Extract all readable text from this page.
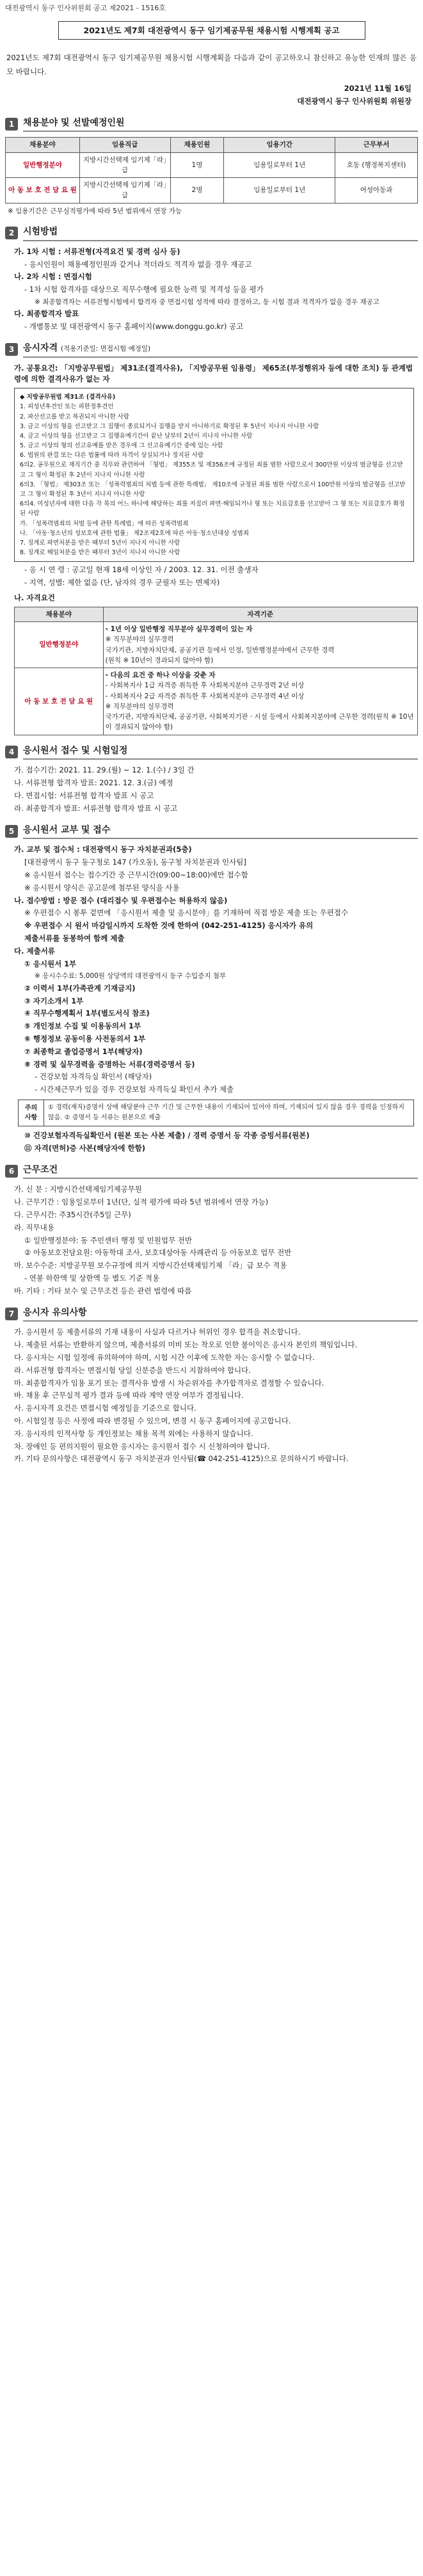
대전광역시 동구 인사위원회 공고 제2021 - 1516호
2021년도 제7회 대전광역시 동구 임기제공무원 채용시험 시행계획 공고
2021년도 제7회 대전광역시 동구 임기제공무원 채용시험 시행계획을 다음과 같이 공고하오니 참신하고 유능한 인재의 많은 응모 바랍니다.
2021년 11월 16일
대전광역시 동구 인사위원회 위원장
1 채용분야 및 선발예정인원
채용분야	임용직급	채용인원	임용기간	근무부서
일반행정분야	지방시간선택제 임기제「라」급	1명	임용일로부터 1년	호동 (행정복지센터)
아 동 보 호 전 담 요 원	지방시간선택제 임기제「라」급	2명	임용일로부터 1년	여성아동과
※ 임용기간은 근무실적평가에 따라 5년 범위에서 연장 가능
2 시험방법
가. 1차 시험 : 서류전형(자격요건 및 경력 심사 등)
- 응시인원이 채용예정인원과 같거나 적더라도 적격자 없을 경우 재공고
나. 2차 시험 : 면접시험
- 1차 시험 합격자를 대상으로 직무수행에 필요한 능력 및 적격성 등을 평가
※ 최종합격자는 서류전형시험에서 합격자 중 면접시험 성적에 따라 결정하고, 동 시험 결과 적격자가 없을 경우 재공고
다. 최종합격자 발표
- 개별통보 및 대전광역시 동구 홈페이지(www.donggu.go.kr) 공고
3 응시자격 (적용기준일: 면접시험 예정일)
가. 공통요건: 「지방공무원법」 제31조(결격사유), 「지방공무원 임용령」 제65조(부정행위자 등에 대한 조치) 등 관계법령에 의한 결격사유가 없는 자
◆ 지방공무원법 제31조 (결격사유)
1. 피성년후견인 또는 피한정후견인
2. 파산선고를 받고 복권되지 아니한 사람
3. 금고 이상의 형을 선고받고 그 집행이 종료되거나 집행을 받지 아니하기로 확정된 후 5년이 지나지 아니한 사람
4. 금고 이상의 형을 선고받고 그 집행유예기간이 끝난 날부터 2년이 지나지 아니한 사람
5. 금고 이상의 형의 선고유예를 받은 경우에 그 선고유예기간 중에 있는 사람
6. 법원의 판결 또는 다른 법률에 따라 자격이 상실되거나 정지된 사람
6의2. 공무원으로 재직기간 중 직무와 관련하여 「형법」 제355조 및 제356조에 규정된 죄를 범한 사람으로서 300만원 이상의 벌금형을 선고받고 그 형이 확정된 후 2년이 지나지 아니한 사람
6의3. 「형법」 제303조 또는 「성폭력범죄의 처벌 등에 관한 특례법」 제10조에 규정된 죄를 범한 사람으로서 100만원 이상의 벌금형을 선고받고 그 형이 확정된 후 3년이 지나지 아니한 사람
6의4. 미성년자에 대한 다음 각 목의 어느 하나에 해당하는 죄를 저질러 파면·해임되거나 형 또는 치료감호를 선고받아 그 형 또는 치료감호가 확정된 사람
가. 「성폭력범죄의 처벌 등에 관한 특례법」에 따른 성폭력범죄
나. 「아동·청소년의 성보호에 관한 법률」 제2조제2호에 따른 아동·청소년대상 성범죄
7. 징계로 파면처분을 받은 때부터 5년이 지나지 아니한 사람
8. 징계로 해임처분을 받은 때부터 3년이 지나지 아니한 사람
- 응 시 연 령 : 공고일 현재 18세 이상인 자 / 2003. 12. 31. 이전 출생자
- 지역, 성별: 제한 없음 (단, 남자의 경우 군필자 또는 면제자)
나. 자격요건
채용분야	자격기준
일반행정분야	- 1년 이상 일반행정 직무분야 실무경력이 있는 자
※ 직무분야의 실무경력
국가기관, 지방자치단체, 공공기관 등에서 인정, 일반행정분야에서 근무한 경력
(원칙 ※ 10년이 경과되지 않아야 함)

아 동 보 호 전 담 요 원	- 다음의 요건 중 하나 이상을 갖춘 자
- 사회복지사 1급 자격증 취득한 후 사회복지분야 근무경력 2년 이상
- 사회복지사 2급 자격증 취득한 후 사회복지분야 근무경력 4년 이상
※ 직무분야의 실무경력
국가기관, 지방자치단체, 공공기관, 사회복지기관 · 시설 등에서 사회복지분야에 근무한 경력(원칙 ※ 10년이 경과되지 않아야 함)
4 응시원서 접수 및 시험일정
가. 접수기간: 2021. 11. 29.(월) ~ 12. 1.(수) / 3일 간
나. 서류전형 합격자 발표: 2021. 12. 3.(금) 예정
다. 면접시험: 서류전형 합격자 발표 시 공고
라. 최종합격자 발표: 서류전형 합격자 발표 시 공고
5 응시원서 교부 및 접수
가. 교부 및 접수처 : 대전광역시 동구 자치분권과(5층)
[대전광역시 동구 동구청로 147 (가오동), 동구청 자치분권과 인사팀]
※ 응시원서 접수는 접수기간 중 근무시간(09:00~18:00)에만 접수함
※ 응시원서 양식은 공고문에 첨부된 양식을 사용
나. 접수방법 : 방문 접수 (대리접수 및 우편접수는 허용하지 않음)
※ 우편접수 시 봉투 겉면에 「응시원서 제출 및 응시분야」를 기재하여 직접 방문 제출 또는 우편접수
※ 우편접수 시 원서 마감일시까지 도착한 것에 한하여 (042-251-4125) 응시자가 유의
제출서류를 동봉하여 함께 제출
다. 제출서류
① 응시원서 1부
※ 응시수수료: 5,000원 상당액의 대전광역시 동구 수입증지 첨부
② 이력서 1부(가족관계 기재금지)
③ 자기소개서 1부
④ 직무수행계획서 1부(별도서식 참조)
⑤ 개인정보 수집 및 이용동의서 1부
⑥ 행정정보 공동이용 사전동의서 1부
⑦ 최종학교 졸업증명서 1부(해당자)
⑧ 경력 및 실무경력을 증명하는 서류(경력증명서 등)
- 건강보험 자격득실 확인서 (해당자)
- 시간제근무가 있을 경우 건강보험 자격득실 확인서 추가 제출
주의 사항
① 경력(재직)증명서 상에 해당분야 근무 기간 및 근무한 내용이 기재되어 있어야 하며, 기재되어 있지 않을 경우 경력을 인정하지 않음. ② 증명서 등 서류는 원본으로 제출
⑩ 건강보험자격득실확인서 (원본 또는 사본 제출) / 경력 증명서 등 각종 증빙서류(원본)
⑪ 자격(면허)증 사본(해당자에 한함)
6 근무조건
가. 신 분 : 지방시간선택제임기제공무원
나. 근무기간 : 임용일로부터 1년(단, 실적 평가에 따라 5년 범위에서 연장 가능)
다. 근무시간: 주35시간(주5일 근무)
라. 직무내용
① 일반행정분야: 동 주민센터 행정 및 민원업무 전반
② 아동보호전담요원: 아동학대 조사, 보호대상아동 사례관리 등 아동보호 업무 전반
마. 보수수준: 지방공무원 보수규정에 의거 지방시간선택제임기제 「라」급 보수 적용
- 연봉 하한액 및 상한액 등 별도 기준 적용
바. 기타 : 기타 보수 및 근무조건 등은 관련 법령에 따름
7 응시자 유의사항
가. 응시원서 등 제출서류의 기재 내용이 사실과 다르거나 허위인 경우 합격을 취소합니다.
나. 제출된 서류는 반환하지 않으며, 제출서류의 미비 또는 착오로 인한 불이익은 응시자 본인의 책임입니다.
다. 응시자는 시험 일정에 유의하여야 하며, 시험 시간 이후에 도착한 자는 응시할 수 없습니다.
라. 서류전형 합격자는 면접시험 당일 신분증을 반드시 지참하여야 합니다.
마. 최종합격자가 임용 포기 또는 결격사유 발생 시 차순위자를 추가합격자로 결정할 수 있습니다.
바. 채용 후 근무실적 평가 결과 등에 따라 계약 연장 여부가 결정됩니다.
사. 응시자격 요건은 면접시험 예정일을 기준으로 합니다.
아. 시험일정 등은 사정에 따라 변경될 수 있으며, 변경 시 동구 홈페이지에 공고합니다.
자. 응시자의 인적사항 등 개인정보는 채용 목적 외에는 사용하지 않습니다.
차. 장애인 등 편의지원이 필요한 응시자는 응시원서 접수 시 신청하여야 합니다.
카. 기타 문의사항은 대전광역시 동구 자치분권과 인사팀(☎ 042-251-4125)으로 문의하시기 바랍니다.
